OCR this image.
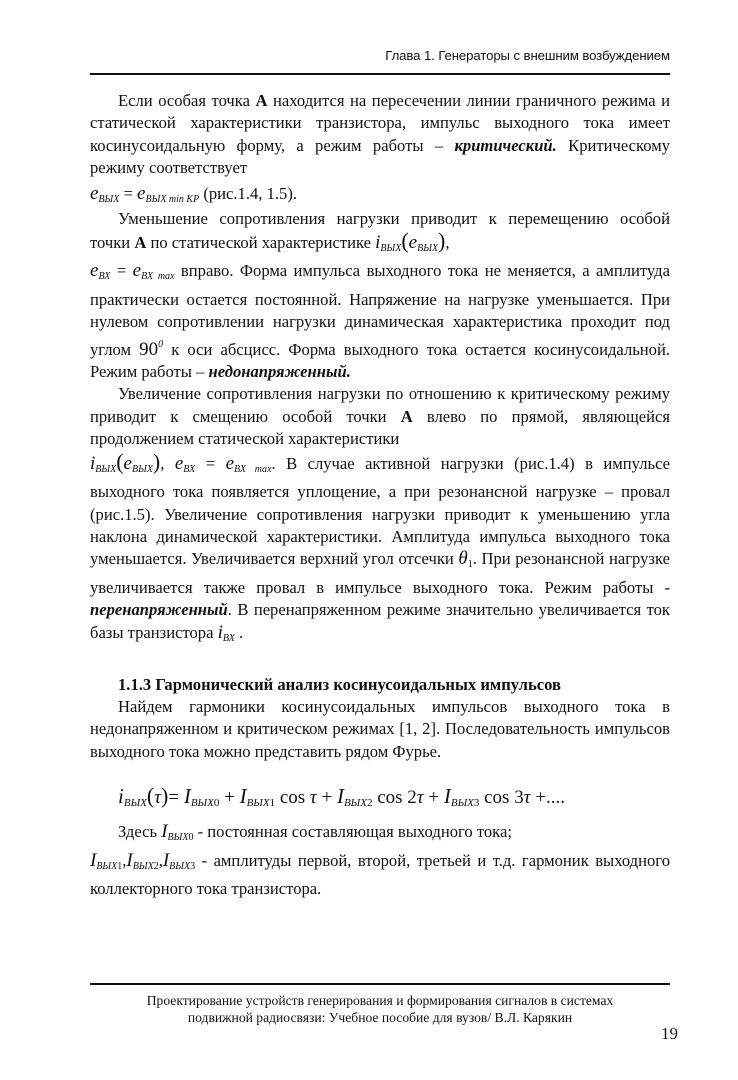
Глава 1. Генераторы с внешним возбуждением

Если особая точка А находится на пересечении линии граничного режима и статической характеристики транзистора, импульс выходного тока имеет косинусоидальную форму, а режим работы – критический. Критическому режиму соответствует

$e_{ВЫХ} = e_{ВЫХ min КР}$ (рис.1.4, 1.5).

Уменьшение сопротивления нагрузки приводит к перемещению особой точки А по статической характеристике $i_{ВЫХ}(e_{ВЫХ})$,
$e_{ВХ} = e_{ВХ max}$ вправо. Форма импульса выходного тока не меняется, а амплитуда практически остается постоянной. Напряжение на нагрузке уменьшается. При нулевом сопротивлении нагрузки динамическая характеристика проходит под углом $90^0$ к оси абсцисс. Форма выходного тока остается косинусоидальной. Режим работы – недонапряженный.

Увеличение сопротивления нагрузки по отношению к критическому режиму приводит к смещению особой точки А влево по прямой, являющейся продолжением статической характеристики
$i_{ВЫХ}(e_{ВЫХ})$, $e_{ВХ} = e_{ВХ max}$. В случае активной нагрузки (рис.1.4) в импульсе выходного тока появляется уплощение, а при резонансной нагрузке – провал (рис.1.5). Увеличение сопротивления нагрузки приводит к уменьшению угла наклона динамической характеристики. Амплитуда импульса выходного тока уменьшается. Увеличивается верхний угол отсечки $\theta_1$. При резонансной нагрузке увеличивается также провал в импульсе выходного тока. Режим работы - перенапряженный. В перенапряженном режиме значительно увеличивается ток базы транзистора $i_{ВХ}$ .

1.1.3 Гармонический анализ косинусоидальных импульсов

Найдем гармоники косинусоидальных импульсов выходного тока в недонапряженном и критическом режимах [1, 2]. Последовательность импульсов выходного тока можно представить рядом Фурье.

$i_{ВЫХ}(\tau)= I_{ВЫХ0} + I_{ВЫХ1}$ $\cos \tau + I_{ВЫХ2}$ $\cos 2\tau + I_{ВЫХ3}$ cos 3τ +....

Здесь $I_{ВЫХ0}$ - постоянная составляющая выходного тока;
$I_{ВЫХ1},I_{ВЫХ2},I_{ВЫХ3}$ - амплитуды первой, второй, третьей и т.д. гармоник выходного коллекторного тока транзистора.

Проектирование устройств генерирования и формирования сигналов в системах
подвижной радиосвязи: Учебное пособие для вузов/ В.Л. Карякин
19
